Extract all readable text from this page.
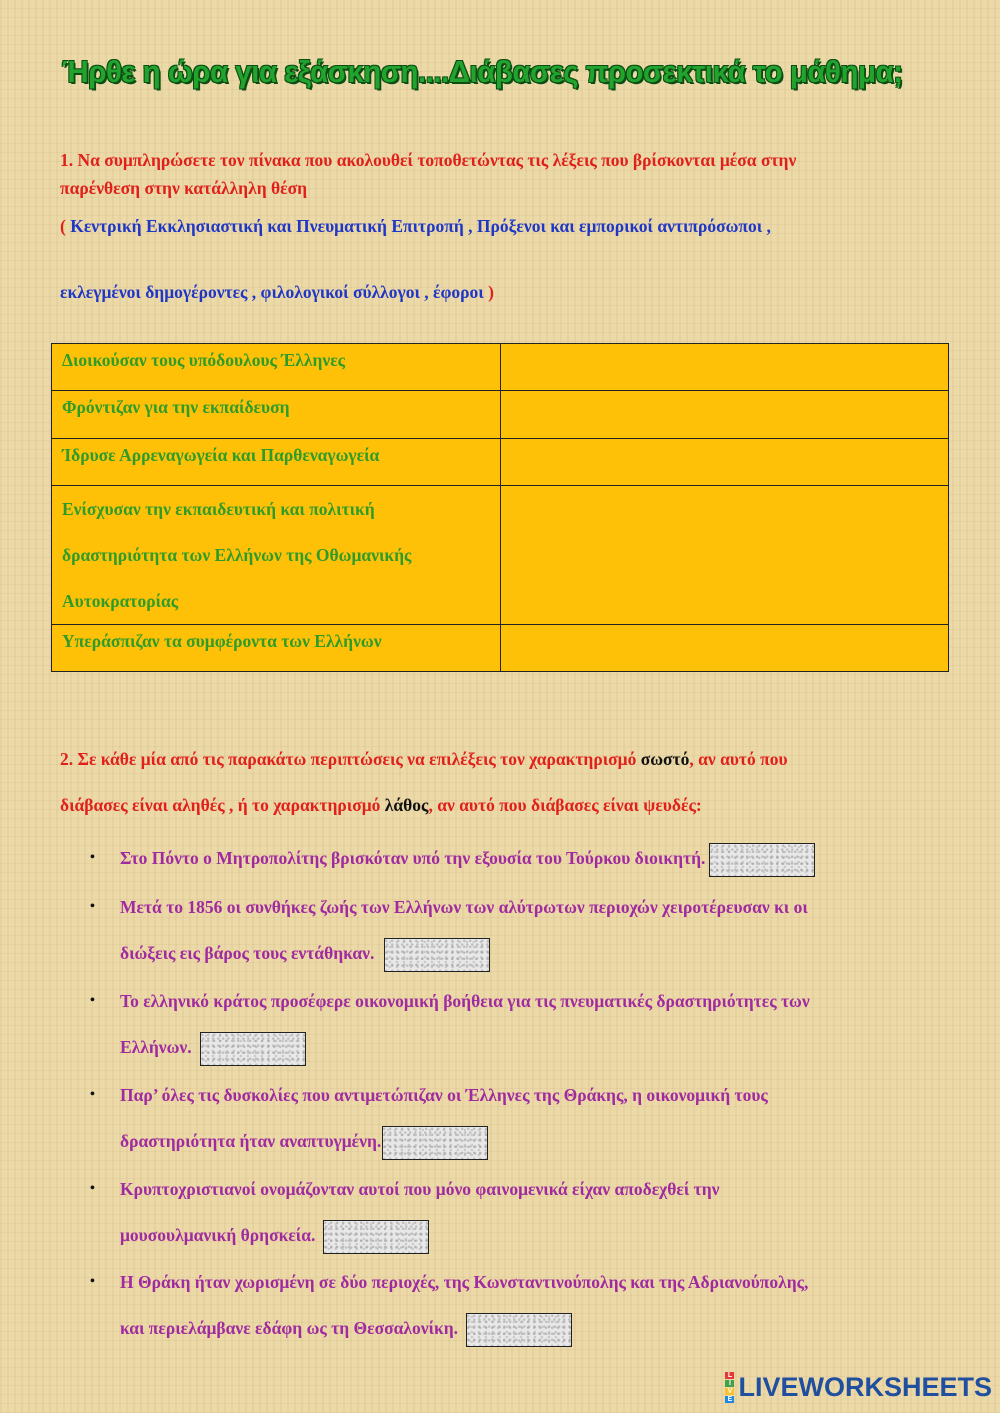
Ήρθε η ώρα για εξάσκηση....Διάβασες προσεκτικά το μάθημα;
1. Να συμπληρώσετε τον πίνακα που ακολουθεί τοποθετώντας τις λέξεις που βρίσκονται μέσα στην
παρένθεση στην κατάλληλη θέση
( Κεντρική Εκκλησιαστική και Πνευματική Επιτροπή , Πρόξενοι και εμπορικοί αντιπρόσωποι ,
εκλεγμένοι δημογέροντες , φιλολογικοί σύλλογοι , έφοροι )
Διοικούσαν τους υπόδουλους Έλληνες	

Φρόντιζαν για την εκπαίδευση	

Ίδρυσε Αρρεναγωγεία και Παρθεναγωγεία	

Ενίσχυσαν την εκπαιδευτική και πολιτική
δραστηριότητα των Ελλήνων της Οθωμανικής
Αυτοκρατορίας	

Υπεράσπιζαν τα συμφέροντα των Ελλήνων	

2. Σε κάθε μία από τις παρακάτω περιπτώσεις να επιλέξεις τον χαρακτηρισμό σωστό, αν αυτό που
διάβασες είναι αληθές , ή το χαρακτηρισμό λάθος, αν αυτό που διάβασες είναι ψευδές:
•	Στο Πόντο ο Μητροπολίτης βρισκόταν υπό την εξουσία του Τούρκου διοικητή.
•	Μετά το 1856 οι συνθήκες ζωής των Ελλήνων των αλύτρωτων περιοχών χειροτέρευσαν κι οι
διώξεις εις βάρος τους εντάθηκαν.
•	Το ελληνικό κράτος προσέφερε οικονομική βοήθεια για τις πνευματικές δραστηριότητες των
Ελλήνων.
•	Παρ’ όλες τις δυσκολίες που αντιμετώπιζαν οι Έλληνες της Θράκης, η οικονομική τους
δραστηριότητα ήταν αναπτυγμένη.
•	Κρυπτοχριστιανοί ονομάζονταν αυτοί που μόνο φαινομενικά είχαν αποδεχθεί την
μουσουλμανική θρησκεία.
•	Η Θράκη ήταν χωρισμένη σε δύο περιοχές, της Κωνσταντινούπολης και της Αδριανούπολης,
και περιελάμβανε εδάφη ως τη Θεσσαλονίκη.
L
I
V
E LIVEWORKSHEETS
